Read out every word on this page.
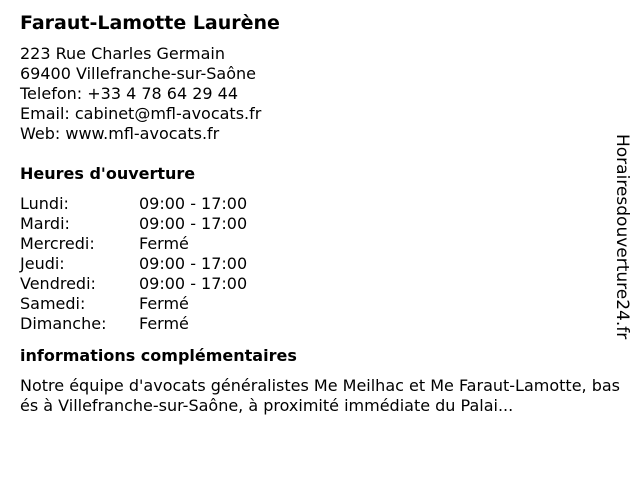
Faraut-Lamotte Laurène
223 Rue Charles Germain
69400 Villefranche-sur-Saône
Telefon: +33 4 78 64 29 44
Email: cabinet@mfl-avocats.fr
Web: www.mfl-avocats.fr
Heures d'ouverture
Lundi:	09:00 - 17:00
Mardi:	09:00 - 17:00
Mercredi:	Fermé
Jeudi:	09:00 - 17:00
Vendredi:	09:00 - 17:00
Samedi:	Fermé
Dimanche:	Fermé
informations complémentaires

Notre équipe d'avocats généralistes Me Meilhac et Me Faraut-Lamotte, basés à Villefranche-sur-Saône, à proximité immédiate du Palai...

Horairesdouverture24.fr
